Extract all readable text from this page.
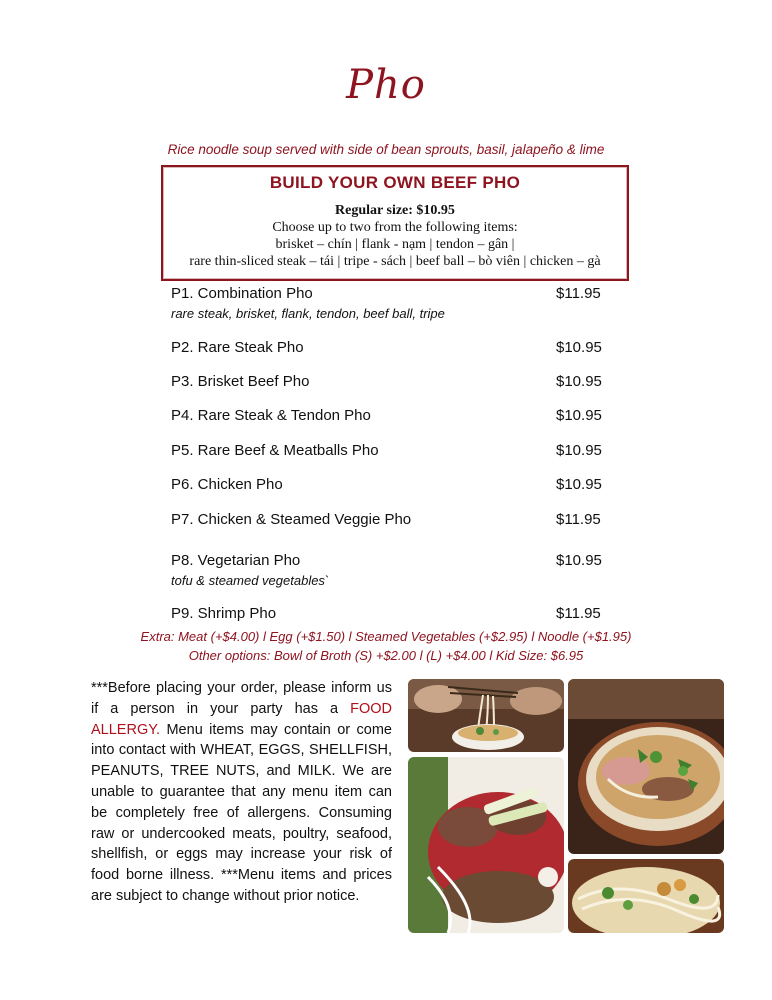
Pho
Rice noodle soup served with side of bean sprouts, basil, jalapeño & lime
BUILD YOUR OWN BEEF PHO
Regular size: $10.95
Choose up to two from the following items:
brisket – chín | flank - nạm | tendon – gân |
rare thin-sliced steak – tái | tripe - sách | beef ball – bò viên | chicken – gà
P1. Combination Pho	$11.95
rare steak, brisket, flank, tendon, beef ball, tripe
P2. Rare Steak Pho	$10.95
P3. Brisket Beef Pho	$10.95
P4. Rare Steak & Tendon Pho	$10.95
P5. Rare Beef & Meatballs Pho	$10.95
P6. Chicken Pho	$10.95
P7. Chicken & Steamed Veggie Pho	$11.95
P8. Vegetarian Pho	$10.95
tofu & steamed vegetables`
P9. Shrimp Pho	$11.95
Extra: Meat (+$4.00) l Egg (+$1.50) l Steamed Vegetables (+$2.95) l Noodle (+$1.95)
Other options: Bowl of Broth (S) +$2.00 l (L) +$4.00 l Kid Size: $6.95
***Before placing your order, please inform us if a person in your party has a FOOD ALLERGY. Menu items may contain or come into contact with WHEAT, EGGS, SHELLFISH, PEANUTS, TREE NUTS, and MILK. We are unable to guarantee that any menu item can be completely free of allergens. Consuming raw or undercooked meats, poultry, seafood, shellfish, or eggs may increase your risk of food borne illness. ***Menu items and prices are subject to change without prior notice.
